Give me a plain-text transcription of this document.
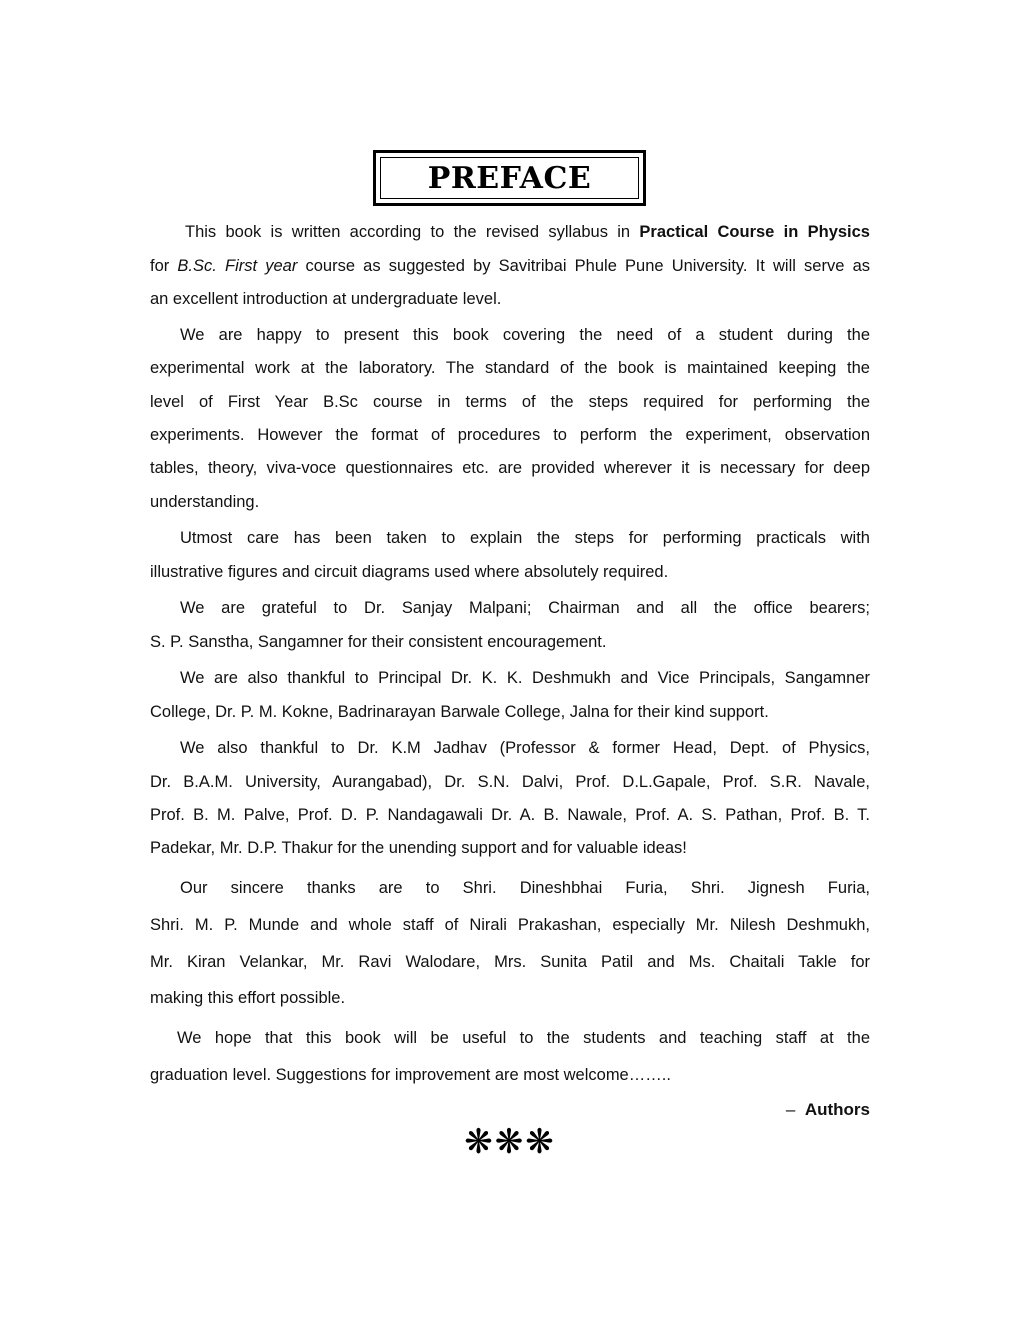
PREFACE
This book is written according to the revised syllabus in Practical Course in Physics
for B.Sc. First year course as suggested by Savitribai Phule Pune University. It will serve as
an excellent introduction at undergraduate level.
We are happy to present this book covering the need of a student during the
experimental work at the laboratory. The standard of the book is maintained keeping the
level of First Year B.Sc course in terms of the steps required for performing the
experiments. However the format of procedures to perform the experiment, observation
tables, theory, viva-voce questionnaires etc. are provided wherever it is necessary for deep
understanding.
Utmost care has been taken to explain the steps for performing practicals with
illustrative figures and circuit diagrams used where absolutely required.
We are grateful to Dr. Sanjay Malpani; Chairman and all the office bearers;
S. P. Sanstha, Sangamner for their consistent encouragement.
We are also thankful to Principal Dr. K. K. Deshmukh and Vice Principals, Sangamner
College, Dr. P. M. Kokne, Badrinarayan Barwale College, Jalna for their kind support.
We also thankful to Dr. K.M Jadhav (Professor & former Head, Dept. of Physics,
Dr. B.A.M. University, Aurangabad), Dr. S.N. Dalvi, Prof. D.L.Gapale, Prof. S.R. Navale,
Prof. B. M. Palve, Prof. D. P. Nandagawali Dr. A. B. Nawale, Prof. A. S. Pathan, Prof. B. T.
Padekar, Mr. D.P. Thakur for the unending support and for valuable ideas!
Our sincere thanks are to Shri. Dineshbhai Furia, Shri. Jignesh Furia,
Shri. M. P. Munde and whole staff of Nirali Prakashan, especially Mr. Nilesh Deshmukh,
Mr. Kiran Velankar, Mr. Ravi Walodare, Mrs. Sunita Patil and Ms. Chaitali Takle for
making this effort possible.
We hope that this book will be useful to the students and teaching staff at the
graduation level. Suggestions for improvement are most welcome……..
– Authors
❋❋❋
